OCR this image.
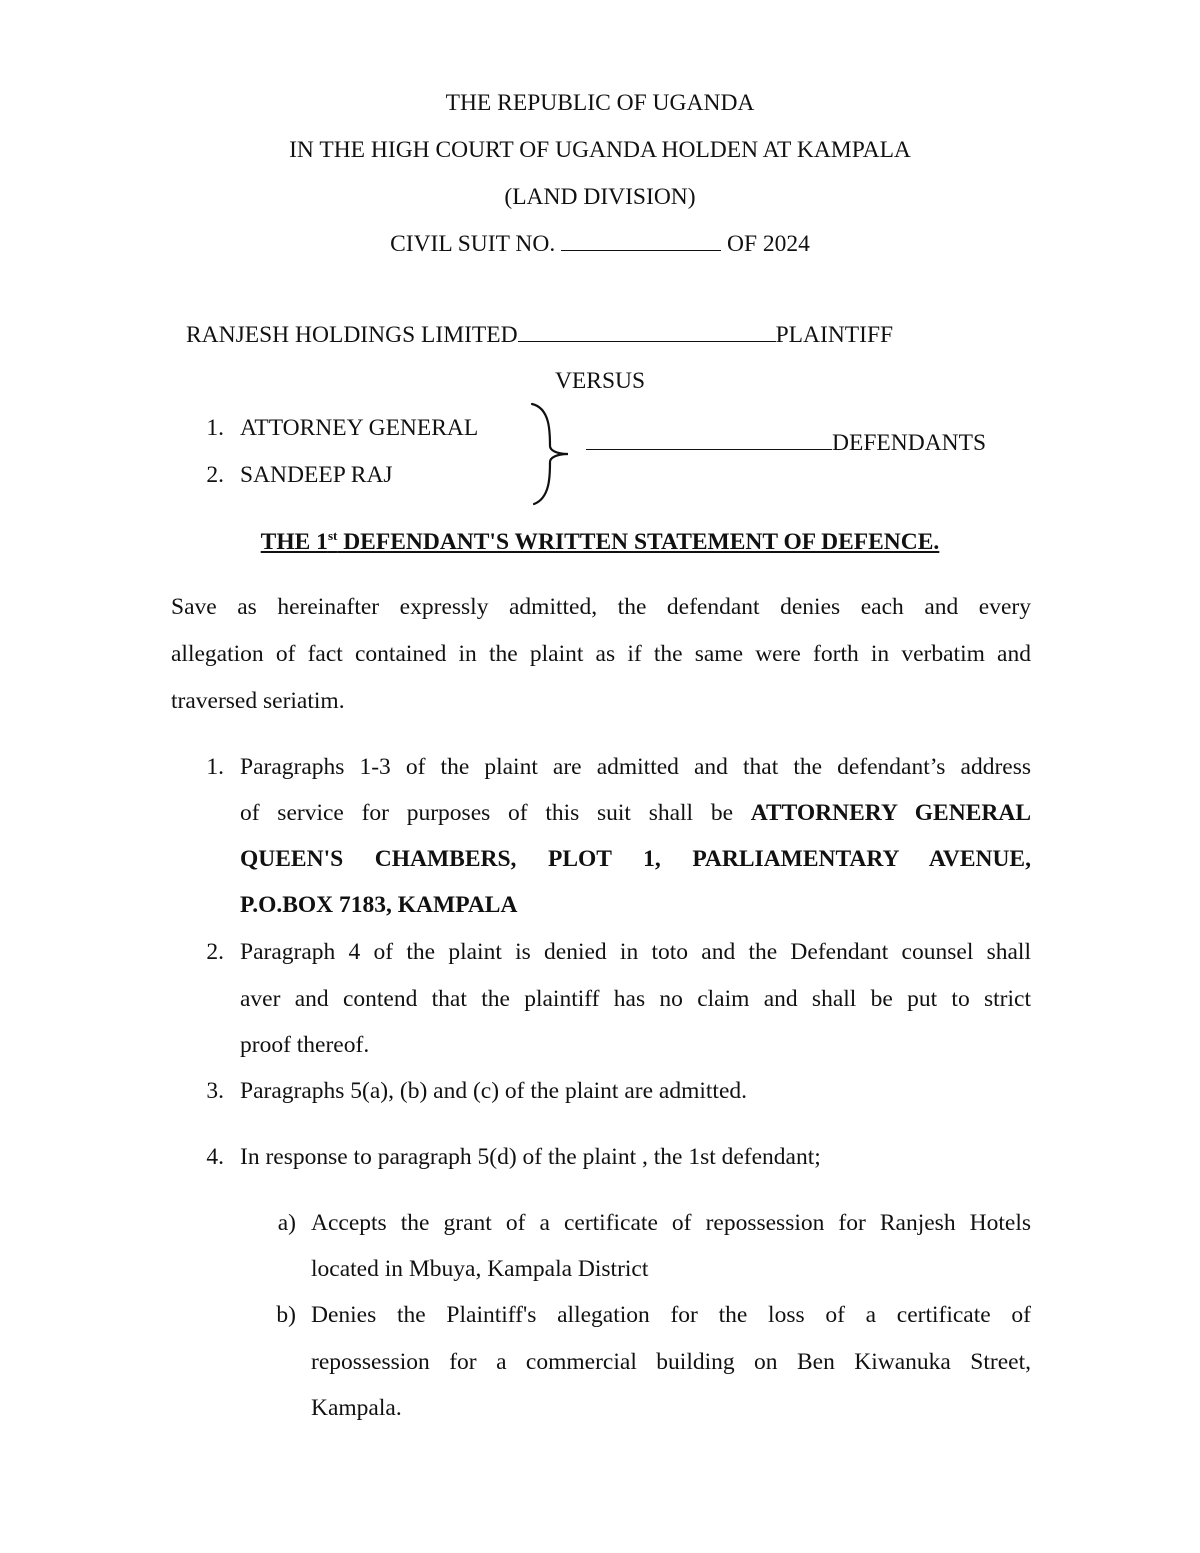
THE REPUBLIC OF UGANDA
IN THE HIGH COURT OF UGANDA HOLDEN AT KAMPALA
(LAND DIVISION)
CIVIL SUIT NO.	OF 2024
RANJESH HOLDINGS LIMITED	PLAINTIFF
VERSUS
1. ATTORNEY GENERAL
2. SANDEEP RAJ
DEFENDANTS
THE 1st DEFENDANT'S WRITTEN STATEMENT OF DEFENCE.
Save as hereinafter expressly admitted, the defendant denies each and every
allegation of fact contained in the plaint as if the same were forth in verbatim and
traversed seriatim.
1. Paragraphs 1-3 of the plaint are admitted and that the defendant’s address
of service for purposes of this suit shall be ATTORNERY GENERAL
QUEEN'S CHAMBERS, PLOT 1, PARLIAMENTARY AVENUE,
P.O.BOX 7183, KAMPALA
2. Paragraph 4 of the plaint is denied in toto and the Defendant counsel shall
aver and contend that the plaintiff has no claim and shall be put to strict
proof thereof.
3. Paragraphs 5(a), (b) and (c) of the plaint are admitted.
4. In response to paragraph 5(d) of the plaint , the 1st defendant;
a) Accepts the grant of a certificate of repossession for Ranjesh Hotels
located in Mbuya, Kampala District
b) Denies the Plaintiff's allegation for the loss of a certificate of
repossession for a commercial building on Ben Kiwanuka Street,
Kampala.
